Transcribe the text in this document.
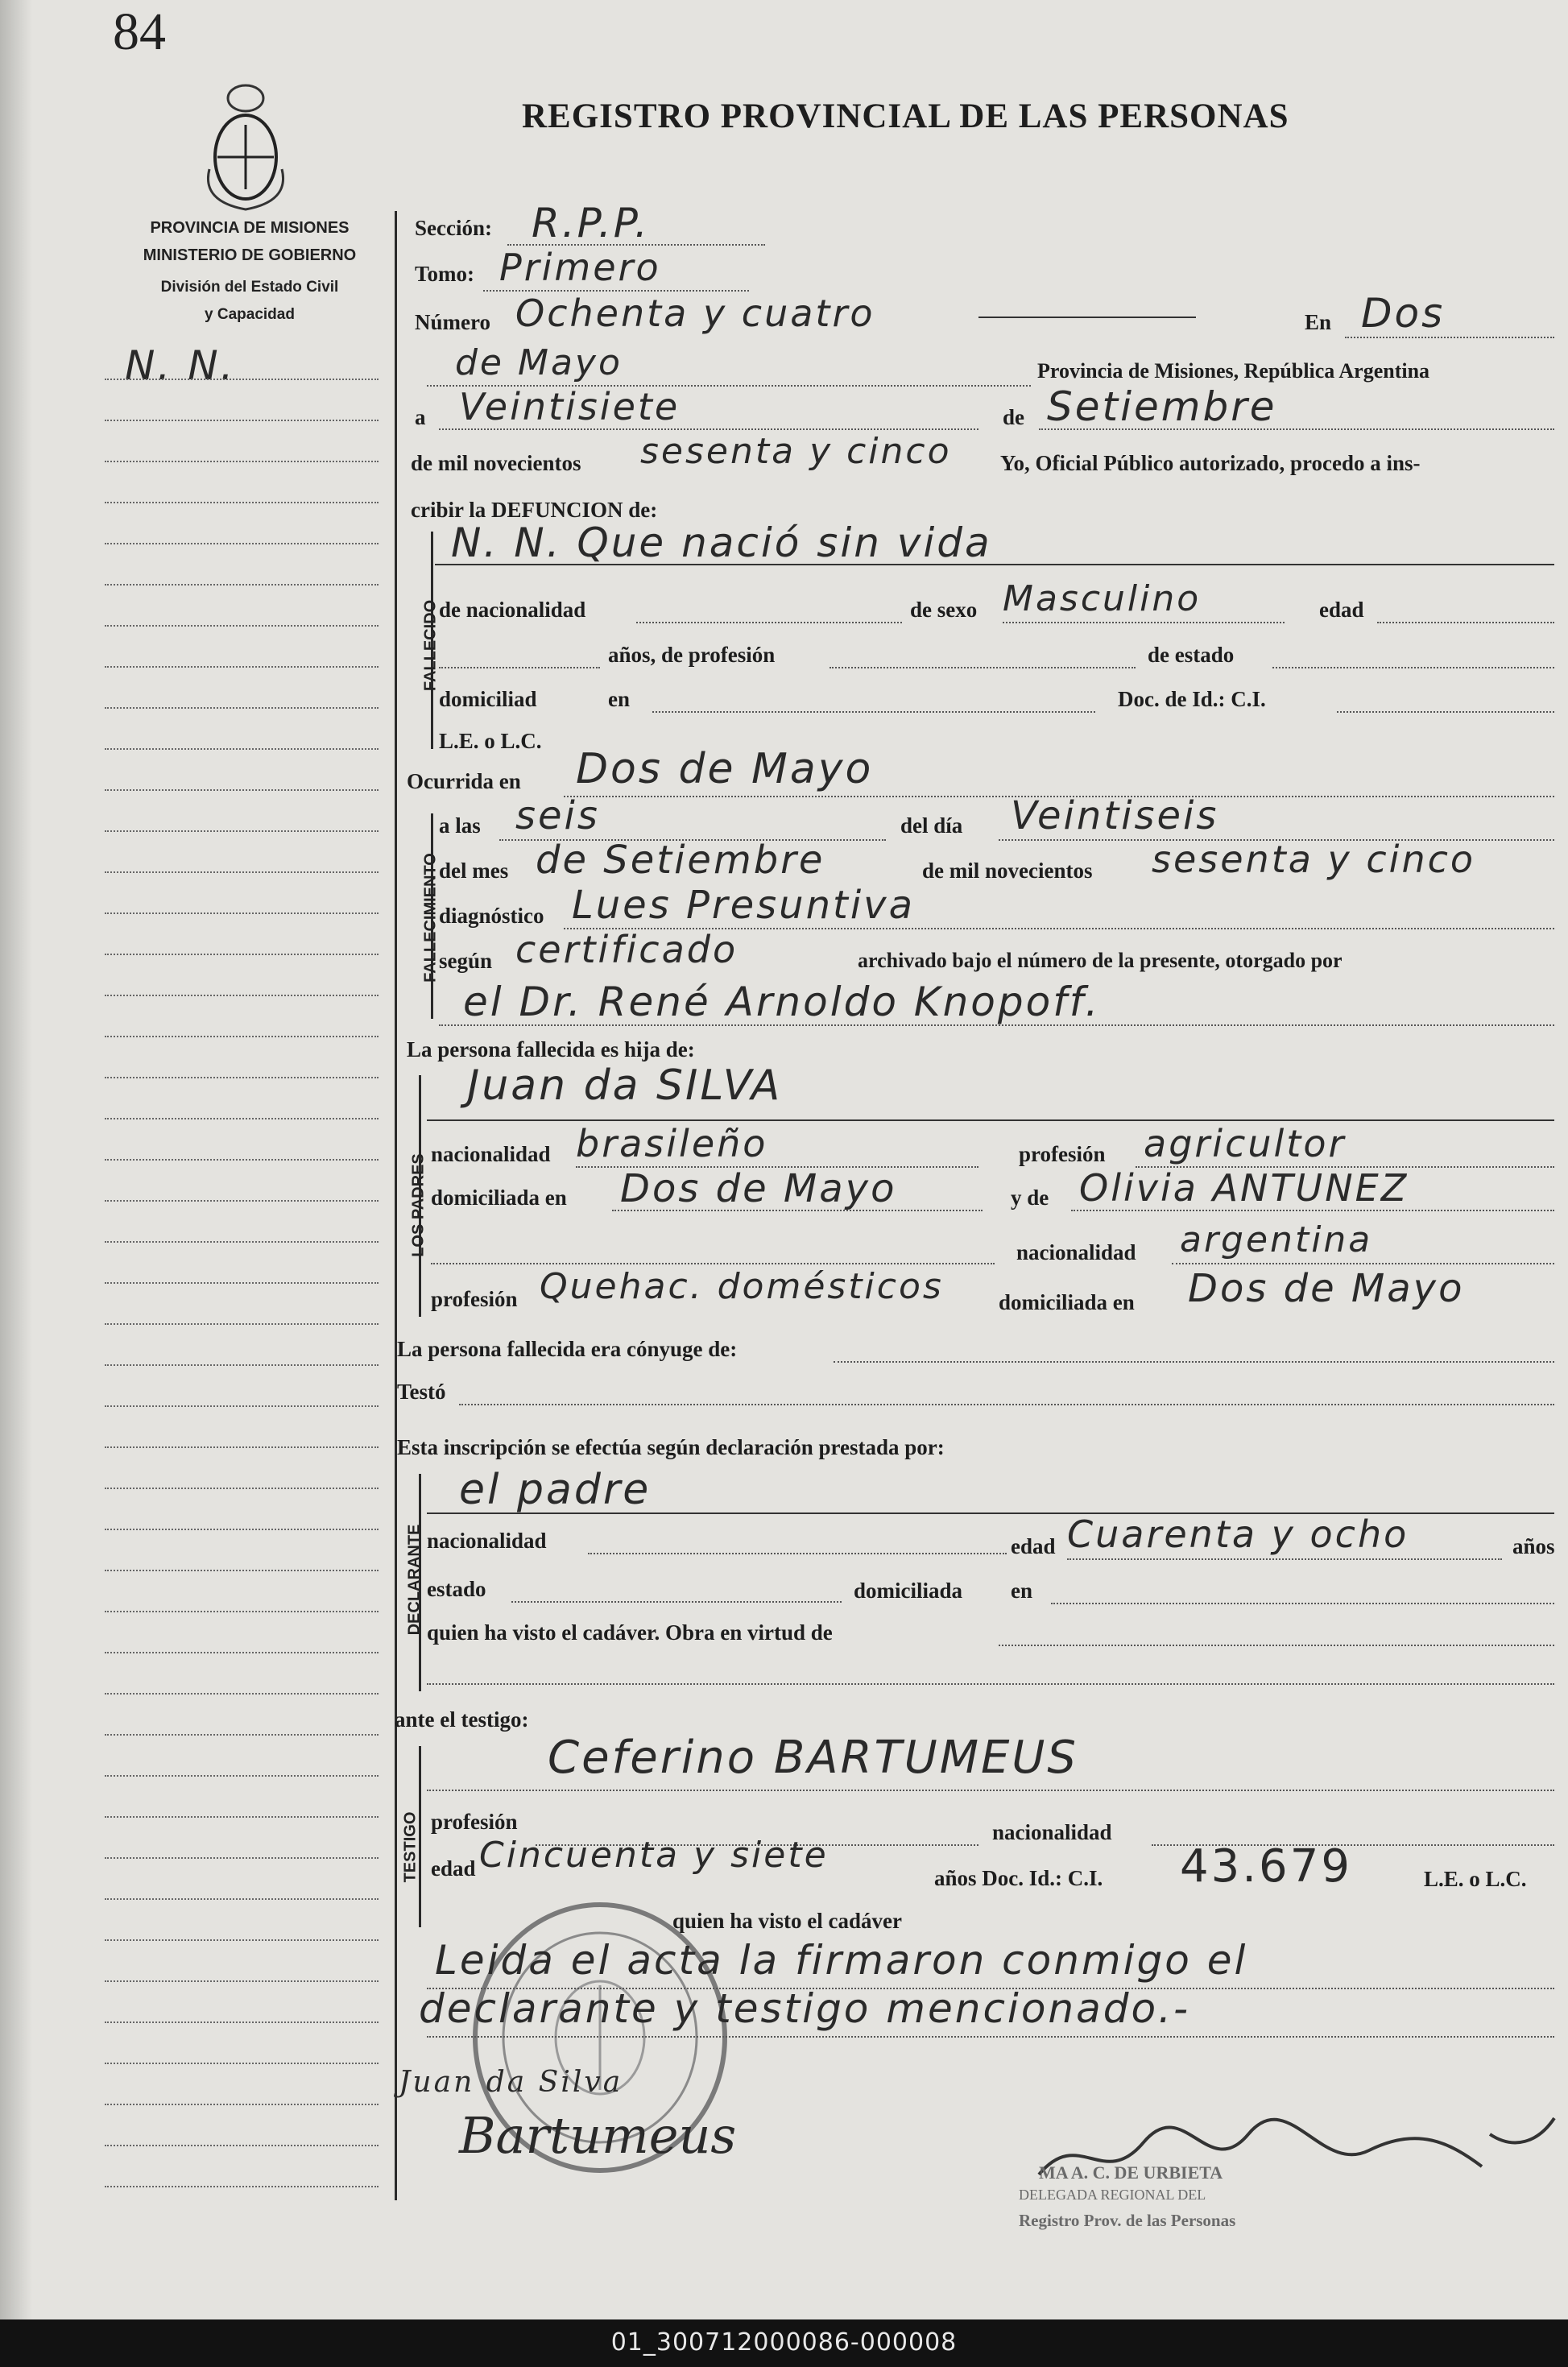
84
REGISTRO PROVINCIAL DE LAS PERSONAS
PROVINCIA DE MISIONES
MINISTERIO DE GOBIERNO
División del Estado Civil
y Capacidad
N. N.
Sección: R.P.P.
Tomo: Primero
Número Ochenta y cuatro	En Dos
de Mayo	Provincia de Misiones, República Argentina
a Veintisiete	de Setiembre
de mil novecientos sesenta y cinco Yo, Oficial Público autorizado, procedo a ins-
cribir la DEFUNCION de:
FALLECIDO
N. N. Que nació sin vida
de nacionalidad	de sexo Masculino	edad
años, de profesión	de estado
domiciliad	en	Doc. de Id.: C.I.
L.E. o L.C.
Ocurrida en Dos de Mayo
FALLECIMIENTO
a las seis	del día Veintiseis
del mes de Setiembre	de mil novecientos sesenta y cinco
diagnóstico Lues Presuntiva
según certificado	archivado bajo el número de la presente, otorgado por
el Dr. René Arnoldo Knopoff.
La persona fallecida es hija de:
LOS PADRES
Juan da SILVA
nacionalidad brasileño	profesión agricultor
domiciliada en Dos de Mayo	y de Olivia ANTUNEZ
nacionalidad argentina
profesión Quehac. domésticos	domiciliada en Dos de Mayo
La persona fallecida era cónyuge de:
Testó
Esta inscripción se efectúa según declaración prestada por:
DECLARANTE
el padre
nacionalidad	edad Cuarenta y ocho	años
estado	domiciliada en
quien ha visto el cadáver. Obra en virtud de
ante el testigo:
TESTIGO
Ceferino BARTUMEUS
profesión	nacionalidad
edad Cincuenta y siete
años Doc. Id.: C.I. 43.679	L.E. o L.C.
quien ha visto el cadáver
Leida el acta la firmaron conmigo el
declarante y testigo mencionado.-
Juan da Silva
Bartumeus
MA A. C. DE URBIETA
DELEGADA REGIONAL DEL
Registro Prov. de las Personas
01_300712000086-000008
